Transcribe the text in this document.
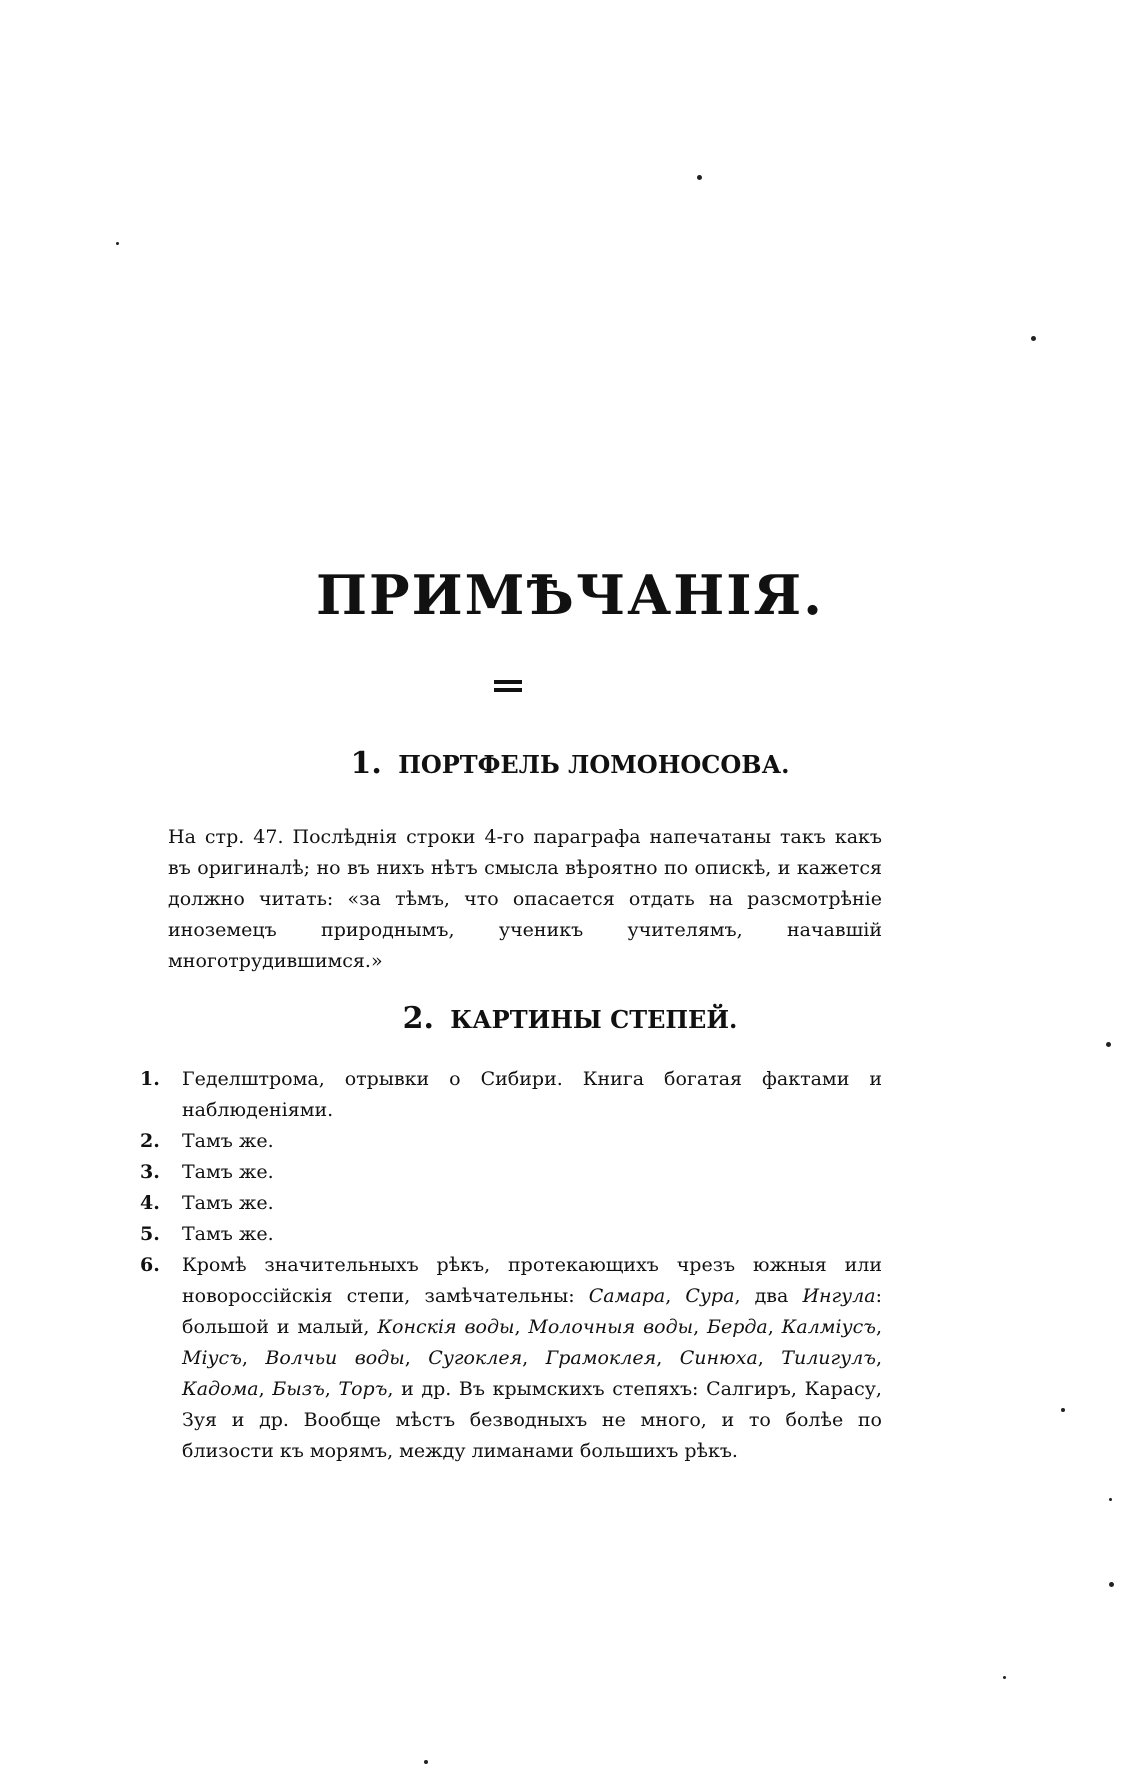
ПРИМѢЧАНІЯ.
1. ПОРТФЕЛЬ ЛОМОНОСОВА.

На стр. 47. Послѣднія строки 4-го параграфа напечатаны такъ какъ въ оригиналѣ; но въ нихъ нѣтъ смысла вѣроятно по опискѣ, и кажется должно читать: «за тѣмъ, что опасается отдать на разсмотрѣніе иноземецъ природнымъ, ученикъ учителямъ, начавшій многотрудившимся.»

2. КАРТИНЫ СТЕПЕЙ.
1.	Геделштрома, отрывки о Сибири. Книга богатая фактами и наблюденіями.
2.	Тамъ же.
3.	Тамъ же.
4.	Тамъ же.
5.	Тамъ же.
6.	Кромѣ значительныхъ рѣкъ, протекающихъ чрезъ южныя или новороссійскія степи, замѣчательны: Самара, Сура, два Ингула: большой и малый, Конскія воды, Молочныя воды, Берда, Калміусъ, Міусъ, Волчьи воды, Сугоклея, Грамоклея, Синюха, Тилигулъ, Кадома, Бызъ, Торъ, и др. Въ крымскихъ степяхъ: Салгиръ, Карасу, Зуя и др. Вообще мѣстъ безводныхъ не много, и то болѣе по близости къ морямъ, между лиманами большихъ рѣкъ.
